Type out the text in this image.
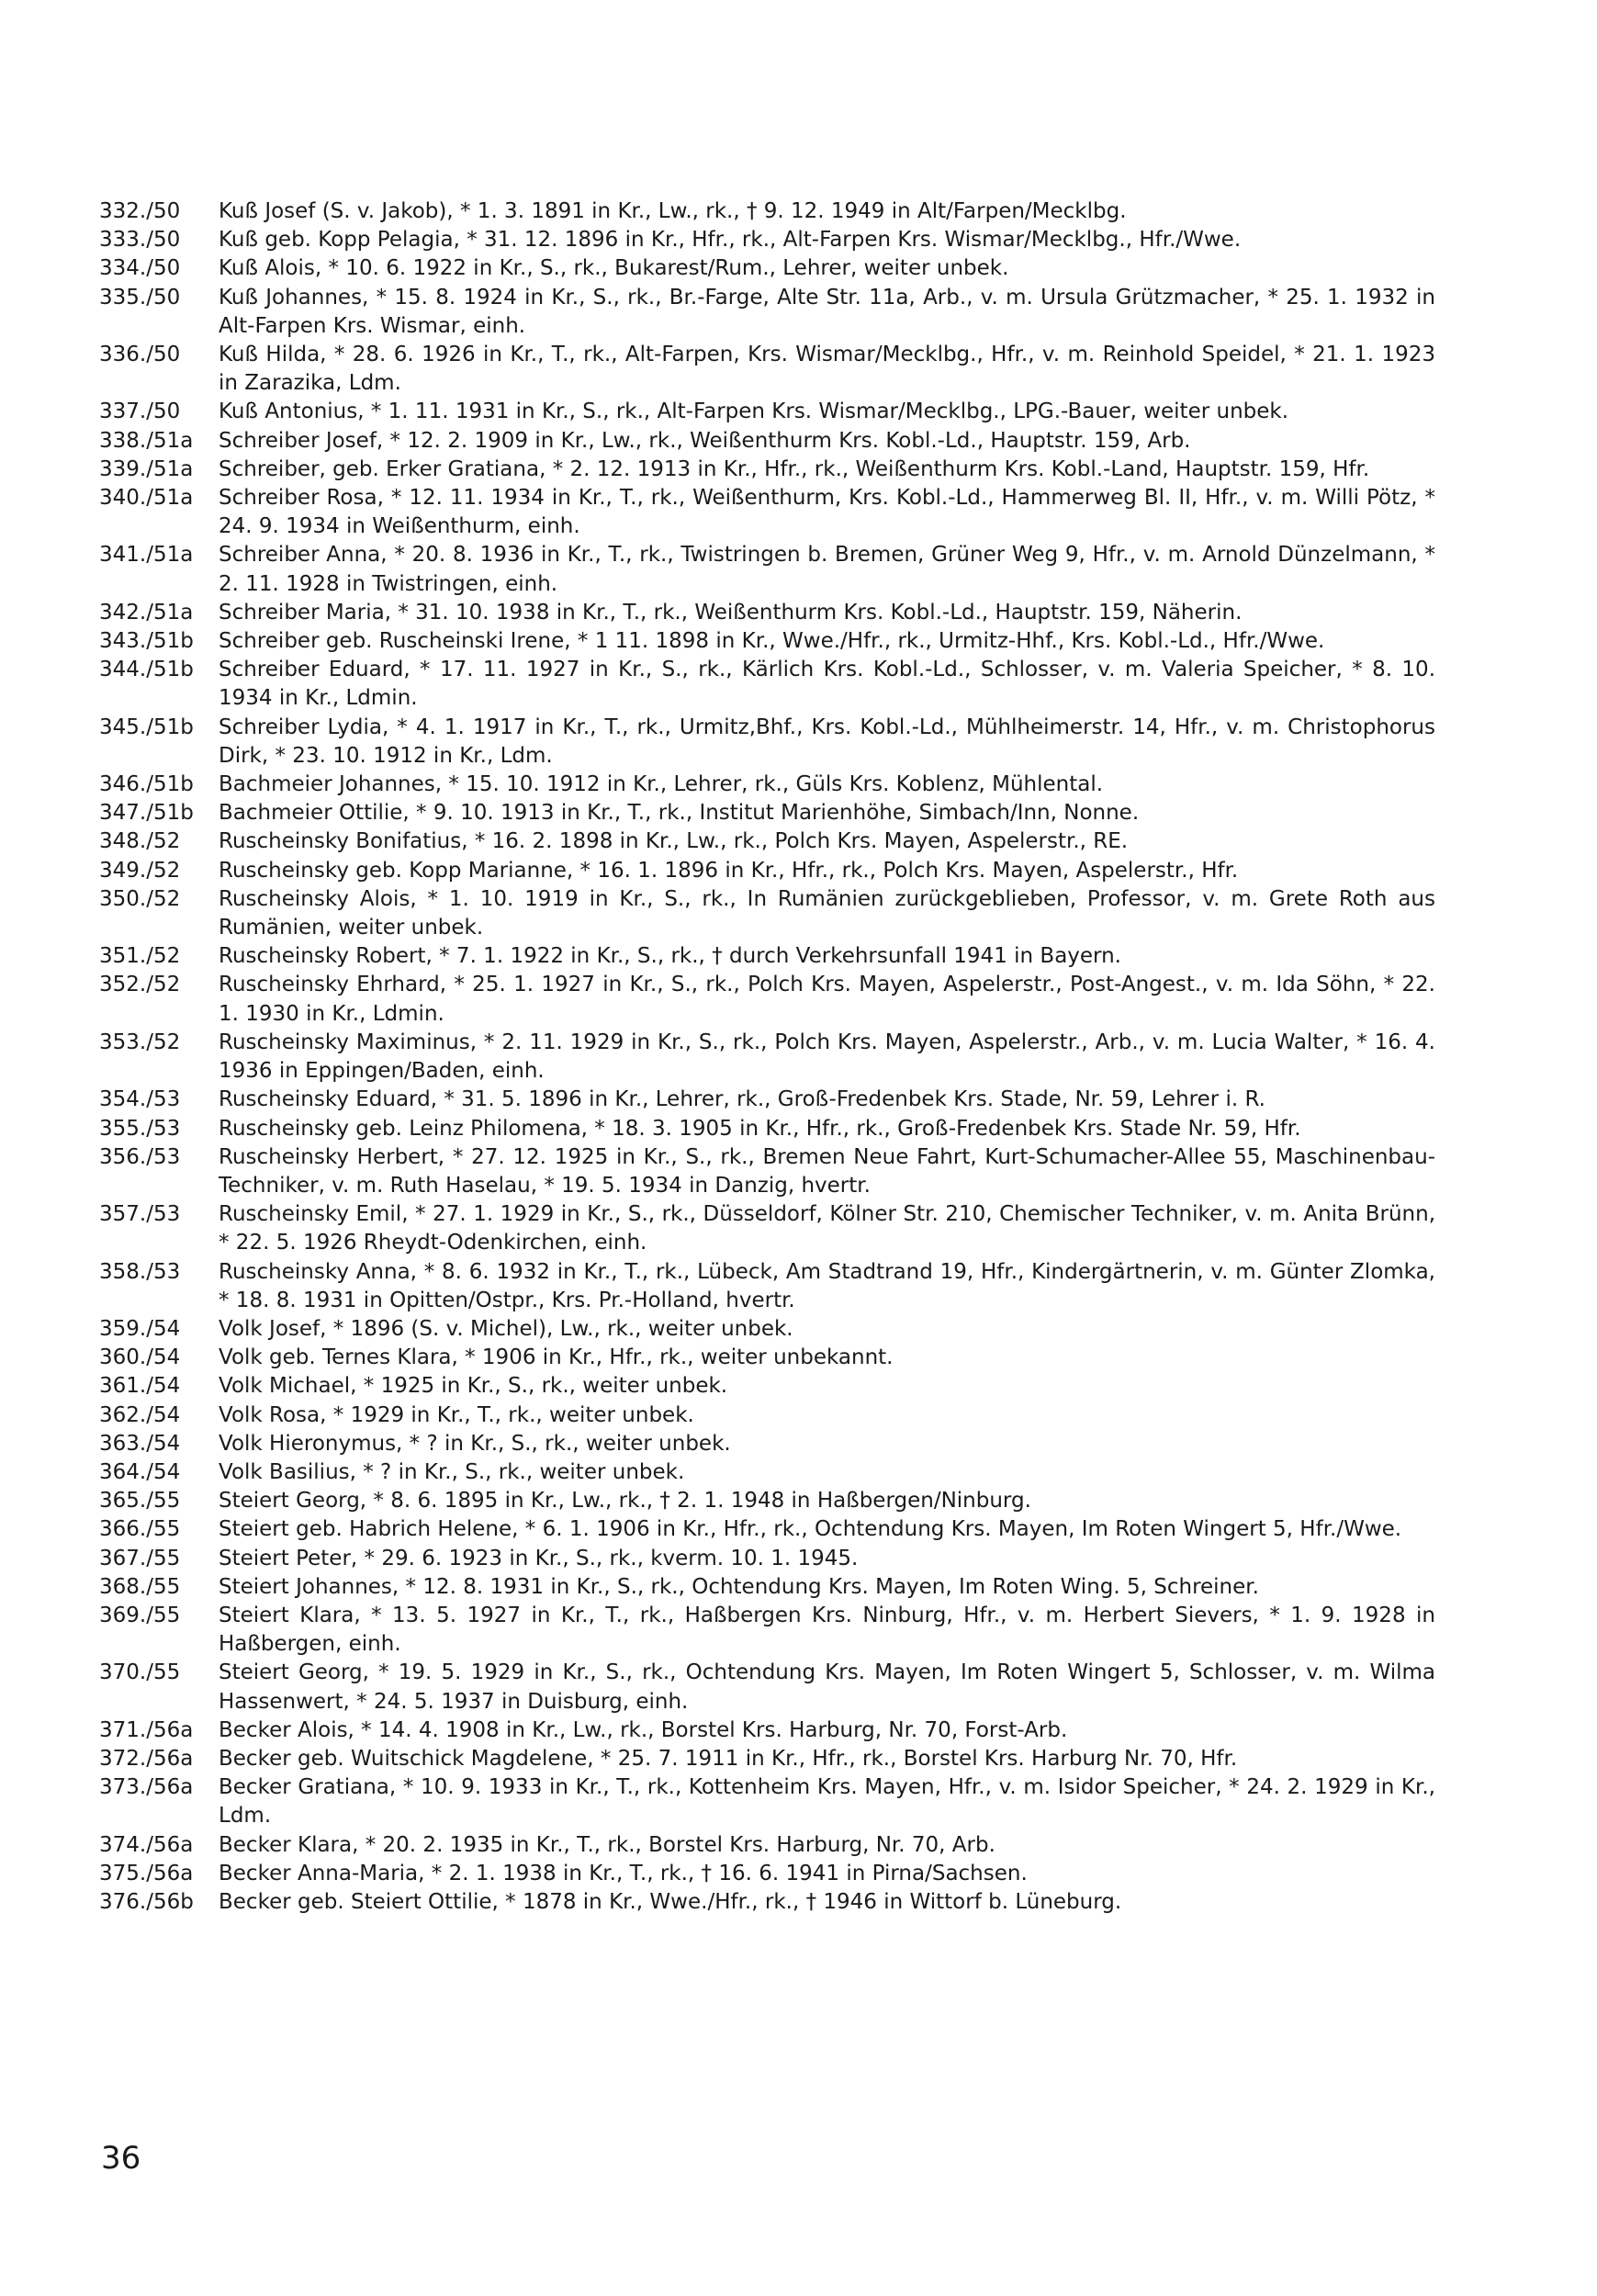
332./50	Kuß Josef (S. v. Jakob), * 1. 3. 1891 in Kr., Lw., rk., † 9. 12. 1949 in Alt/Farpen/Mecklbg.
333./50	Kuß geb. Kopp Pelagia, * 31. 12. 1896 in Kr., Hfr., rk., Alt-Farpen Krs. Wismar/Mecklbg., Hfr./Wwe.
334./50	Kuß Alois, * 10. 6. 1922 in Kr., S., rk., Bukarest/Rum., Lehrer, weiter unbek.
335./50	Kuß Johannes, * 15. 8. 1924 in Kr., S., rk., Br.-Farge, Alte Str. 11a, Arb., v. m. Ursula Grützmacher, * 25. 1. 1932 in Alt-Farpen Krs. Wismar, einh.
336./50	Kuß Hilda, * 28. 6. 1926 in Kr., T., rk., Alt-Farpen, Krs. Wismar/Mecklbg., Hfr., v. m. Reinhold Speidel, * 21. 1. 1923 in Zarazika, Ldm.
337./50	Kuß Antonius, * 1. 11. 1931 in Kr., S., rk., Alt-Farpen Krs. Wismar/Mecklbg., LPG.-Bauer, weiter unbek.
338./51a	Schreiber Josef, * 12. 2. 1909 in Kr., Lw., rk., Weißenthurm Krs. Kobl.-Ld., Hauptstr. 159, Arb.
339./51a	Schreiber, geb. Erker Gratiana, * 2. 12. 1913 in Kr., Hfr., rk., Weißenthurm Krs. Kobl.-Land, Hauptstr. 159, Hfr.
340./51a	Schreiber Rosa, * 12. 11. 1934 in Kr., T., rk., Weißenthurm, Krs. Kobl.-Ld., Hammerweg Bl. II, Hfr., v. m. Willi Pötz, * 24. 9. 1934 in Weißenthurm, einh.
341./51a	Schreiber Anna, * 20. 8. 1936 in Kr., T., rk., Twistringen b. Bremen, Grüner Weg 9, Hfr., v. m. Arnold Dünzelmann, * 2. 11. 1928 in Twistringen, einh.
342./51a	Schreiber Maria, * 31. 10. 1938 in Kr., T., rk., Weißenthurm Krs. Kobl.-Ld., Hauptstr. 159, Näherin.
343./51b	Schreiber geb. Ruscheinski Irene, * 1 11. 1898 in Kr., Wwe./Hfr., rk., Urmitz-Hhf., Krs. Kobl.-Ld., Hfr./Wwe.
344./51b	Schreiber Eduard, * 17. 11. 1927 in Kr., S., rk., Kärlich Krs. Kobl.-Ld., Schlosser, v. m. Valeria Speicher, * 8. 10. 1934 in Kr., Ldmin.
345./51b	Schreiber Lydia, * 4. 1. 1917 in Kr., T., rk., Urmitz,Bhf., Krs. Kobl.-Ld., Mühlheimerstr. 14, Hfr., v. m. Christophorus Dirk, * 23. 10. 1912 in Kr., Ldm.
346./51b	Bachmeier Johannes, * 15. 10. 1912 in Kr., Lehrer, rk., Güls Krs. Koblenz, Mühlental.
347./51b	Bachmeier Ottilie, * 9. 10. 1913 in Kr., T., rk., Institut Marienhöhe, Simbach/Inn, Nonne.
348./52	Ruscheinsky Bonifatius, * 16. 2. 1898 in Kr., Lw., rk., Polch Krs. Mayen, Aspelerstr., RE.
349./52	Ruscheinsky geb. Kopp Marianne, * 16. 1. 1896 in Kr., Hfr., rk., Polch Krs. Mayen, Aspelerstr., Hfr.
350./52	Ruscheinsky Alois, * 1. 10. 1919 in Kr., S., rk., In Rumänien zurückgeblieben, Professor, v. m. Grete Roth aus Rumänien, weiter unbek.
351./52	Ruscheinsky Robert, * 7. 1. 1922 in Kr., S., rk., † durch Verkehrsunfall 1941 in Bayern.
352./52	Ruscheinsky Ehrhard, * 25. 1. 1927 in Kr., S., rk., Polch Krs. Mayen, Aspelerstr., Post-Angest., v. m. Ida Söhn, * 22. 1. 1930 in Kr., Ldmin.
353./52	Ruscheinsky Maximinus, * 2. 11. 1929 in Kr., S., rk., Polch Krs. Mayen, Aspelerstr., Arb., v. m. Lucia Walter, * 16. 4. 1936 in Eppingen/Baden, einh.
354./53	Ruscheinsky Eduard, * 31. 5. 1896 in Kr., Lehrer, rk., Groß-Fredenbek Krs. Stade, Nr. 59, Lehrer i. R.
355./53	Ruscheinsky geb. Leinz Philomena, * 18. 3. 1905 in Kr., Hfr., rk., Groß-Fredenbek Krs. Stade Nr. 59, Hfr.
356./53	Ruscheinsky Herbert, * 27. 12. 1925 in Kr., S., rk., Bremen Neue Fahrt, Kurt-Schumacher-Allee 55, Maschinenbau-Techniker, v. m. Ruth Haselau, * 19. 5. 1934 in Danzig, hvertr.
357./53	Ruscheinsky Emil, * 27. 1. 1929 in Kr., S., rk., Düsseldorf, Kölner Str. 210, Chemischer Techniker, v. m. Anita Brünn, * 22. 5. 1926 Rheydt-Odenkirchen, einh.
358./53	Ruscheinsky Anna, * 8. 6. 1932 in Kr., T., rk., Lübeck, Am Stadtrand 19, Hfr., Kindergärtnerin, v. m. Günter Zlomka, * 18. 8. 1931 in Opitten/Ostpr., Krs. Pr.-Holland, hvertr.
359./54	Volk Josef, * 1896 (S. v. Michel), Lw., rk., weiter unbek.
360./54	Volk geb. Ternes Klara, * 1906 in Kr., Hfr., rk., weiter unbekannt.
361./54	Volk Michael, * 1925 in Kr., S., rk., weiter unbek.
362./54	Volk Rosa, * 1929 in Kr., T., rk., weiter unbek.
363./54	Volk Hieronymus, * ? in Kr., S., rk., weiter unbek.
364./54	Volk Basilius, * ? in Kr., S., rk., weiter unbek.
365./55	Steiert Georg, * 8. 6. 1895 in Kr., Lw., rk., † 2. 1. 1948 in Haßbergen/Ninburg.
366./55	Steiert geb. Habrich Helene, * 6. 1. 1906 in Kr., Hfr., rk., Ochtendung Krs. Mayen, Im Roten Wingert 5, Hfr./Wwe.
367./55	Steiert Peter, * 29. 6. 1923 in Kr., S., rk., kverm. 10. 1. 1945.
368./55	Steiert Johannes, * 12. 8. 1931 in Kr., S., rk., Ochtendung Krs. Mayen, Im Roten Wing. 5, Schreiner.
369./55	Steiert Klara, * 13. 5. 1927 in Kr., T., rk., Haßbergen Krs. Ninburg, Hfr., v. m. Herbert Sievers, * 1. 9. 1928 in Haßbergen, einh.
370./55	Steiert Georg, * 19. 5. 1929 in Kr., S., rk., Ochtendung Krs. Mayen, Im Roten Wingert 5, Schlosser, v. m. Wilma Hassenwert, * 24. 5. 1937 in Duisburg, einh.
371./56a	Becker Alois, * 14. 4. 1908 in Kr., Lw., rk., Borstel Krs. Harburg, Nr. 70, Forst-Arb.
372./56a	Becker geb. Wuitschick Magdelene, * 25. 7. 1911 in Kr., Hfr., rk., Borstel Krs. Harburg Nr. 70, Hfr.
373./56a	Becker Gratiana, * 10. 9. 1933 in Kr., T., rk., Kottenheim Krs. Mayen, Hfr., v. m. Isidor Speicher, * 24. 2. 1929 in Kr., Ldm.
374./56a	Becker Klara, * 20. 2. 1935 in Kr., T., rk., Borstel Krs. Harburg, Nr. 70, Arb.
375./56a	Becker Anna-Maria, * 2. 1. 1938 in Kr., T., rk., † 16. 6. 1941 in Pirna/Sachsen.
376./56b	Becker geb. Steiert Ottilie, * 1878 in Kr., Wwe./Hfr., rk., † 1946 in Wittorf b. Lüneburg.
36
